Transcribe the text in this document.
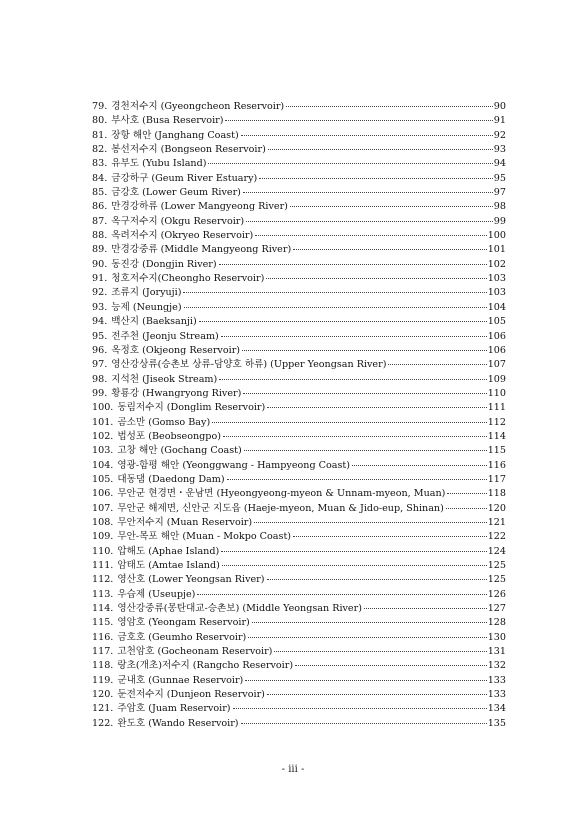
79. 경천저수지 (Gyeongcheon Reservoir)	90
80. 부사호 (Busa Reservoir)	91
81. 장항 해안 (Janghang Coast)	92
82. 봉선저수지 (Bongseon Reservoir)	93
83. 유부도 (Yubu Island)	94
84. 금강하구 (Geum River Estuary)	95
85. 금강호 (Lower Geum River)	97
86. 만경강하류 (Lower Mangyeong River)	98
87. 옥구저수지 (Okgu Reservoir)	99
88. 옥려저수지 (Okryeo Reservoir)	100
89. 만경강중류 (Middle Mangyeong River)	101
90. 동진강 (Dongjin River)	102
91. 청호저수지(Cheongho Reservoir)	103
92. 조류지 (Joryuji)	103
93. 능제 (Neungje)	104
94. 백산지 (Baeksanji)	105
95. 전주천 (Jeonju Stream)	106
96. 옥정호 (Okjeong Reservoir)	106
97. 영산강상류(승촌보 상류-담양호 하류) (Upper Yeongsan River)	107
98. 지석천 (Jiseok Stream)	109
99. 황룡강 (Hwangryong River)	110
100. 동림저수지 (Donglim Reservoir)	111
101. 곰소만 (Gomso Bay)	112
102. 법성포 (Beobseongpo)	114
103. 고창 해안 (Gochang Coast)	115
104. 영광-함평 해안 (Yeonggwang - Hampyeong Coast)	116
105. 대동댐 (Daedong Dam)	117
106. 무안군 현경면・운남면 (Hyeongyeong-myeon & Unnam-myeon, Muan)	118
107. 무안군 해제면, 신안군 지도읍 (Haeje-myeon, Muan & Jido-eup, Shinan)	120
108. 무안저수지 (Muan Reservoir)	121
109. 무안-목포 해안 (Muan - Mokpo Coast)	122
110. 압해도 (Aphae Island)	124
111. 암태도 (Amtae Island)	125
112. 영산호 (Lower Yeongsan River)	125
113. 우습제 (Useupje)	126
114. 영산강중류(몽탄대교-승촌보) (Middle Yeongsan River)	127
115. 영암호 (Yeongam Reservoir)	128
116. 금호호 (Geumho Reservoir)	130
117. 고천암호 (Gocheonam Reservoir)	131
118. 랑초(개초)저수지 (Rangcho Reservoir)	132
119. 군내호 (Gunnae Reservoir)	133
120. 둔전저수지 (Dunjeon Reservoir)	133
121. 주암호 (Juam Reservoir)	134
122. 완도호 (Wando Reservoir)	135
- iii -
